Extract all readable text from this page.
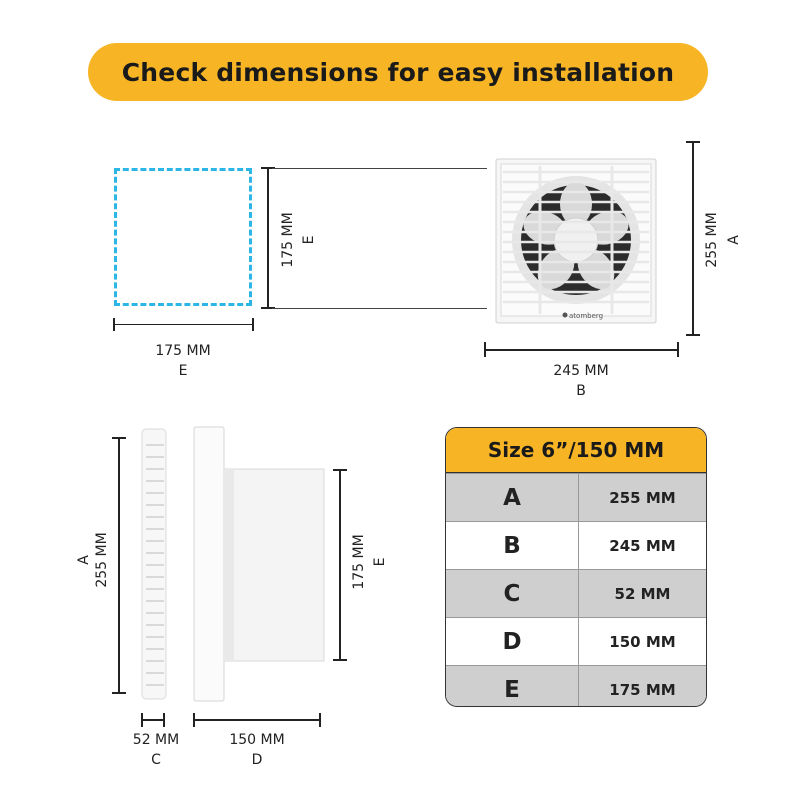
Check dimensions for easy installation
175 MM
E
175 MM E
atomberg
255 MM A
245 MM
B
255 MM
A	175 MM E
52 MM
C
150 MM
D
Size 6”/150 MM
A	255 MM
B	245 MM
C	52 MM
D	150 MM
E	175 MM
